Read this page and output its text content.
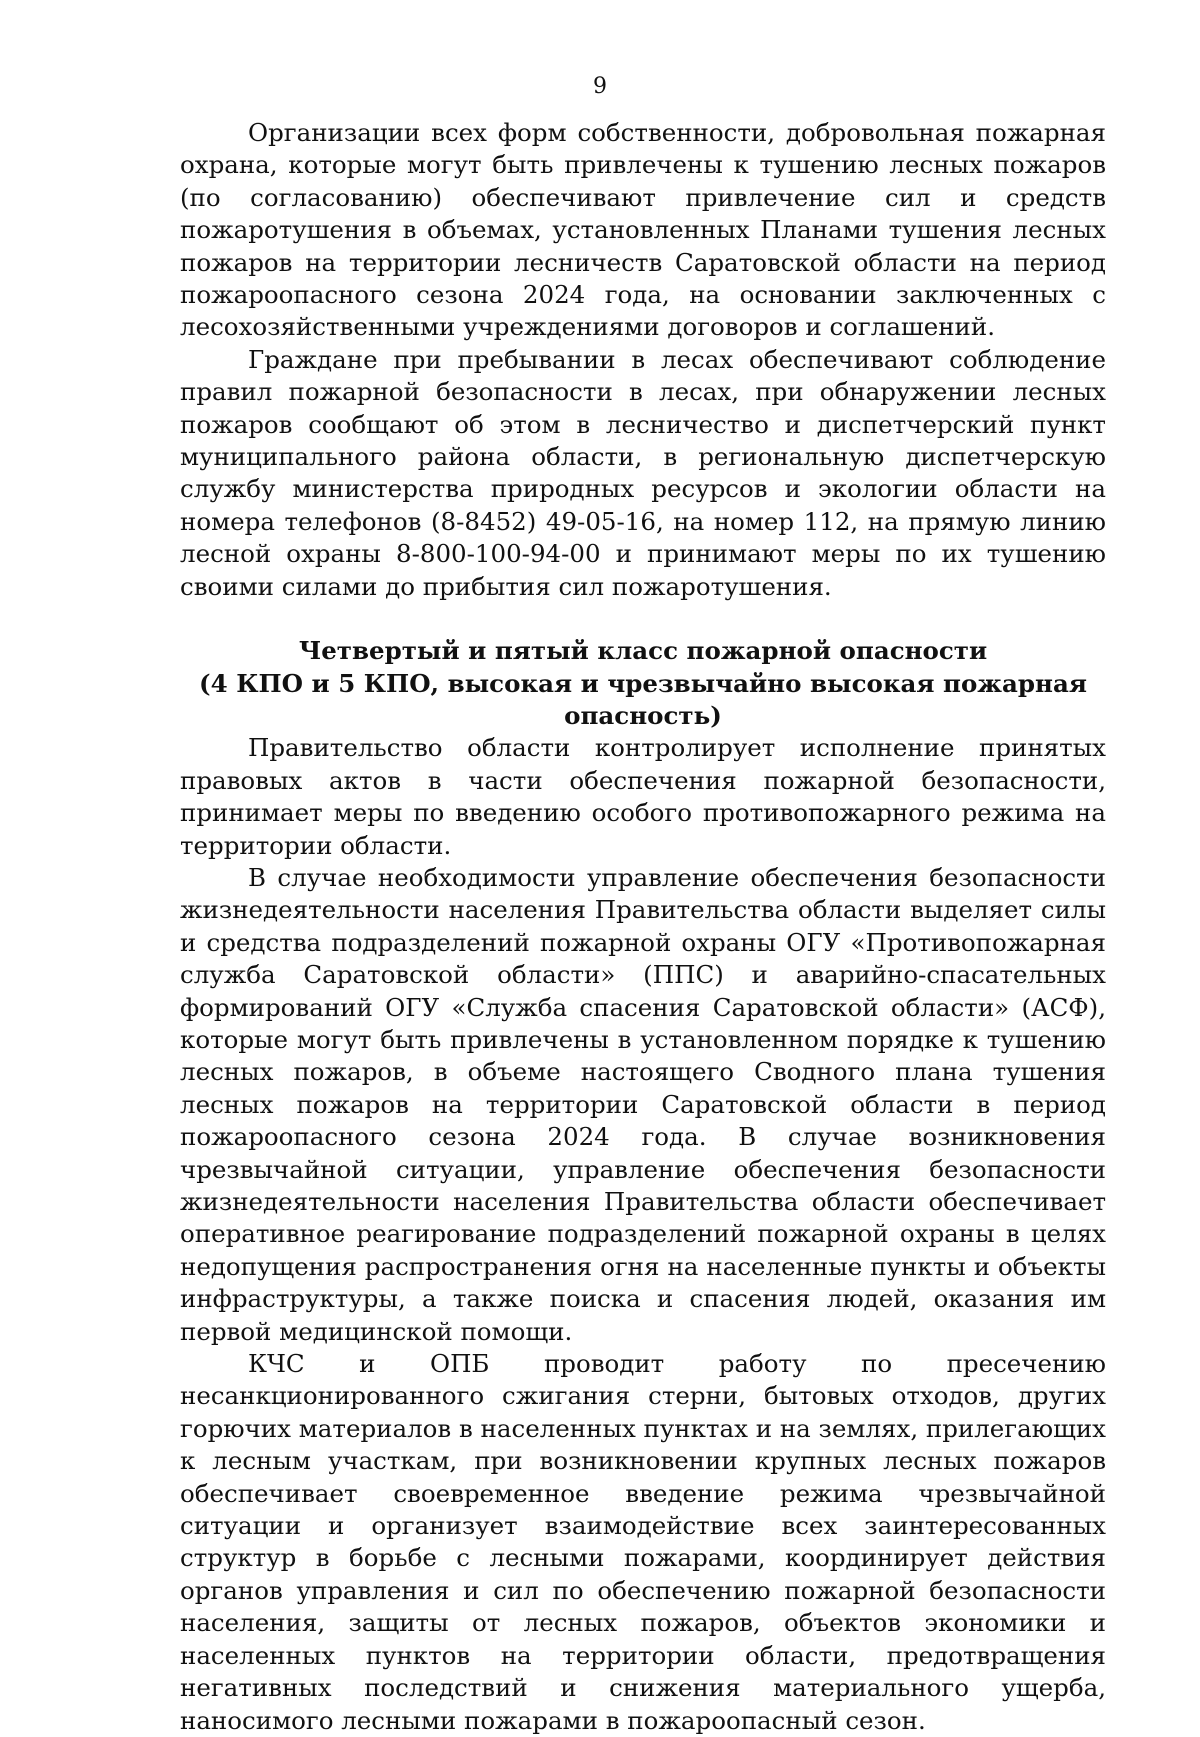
9

Организации всех форм собственности, добровольная пожарная охрана, которые могут быть привлечены к тушению лесных пожаров (по согласованию) обеспечивают привлечение сил и средств пожаротушения в объемах, установленных Планами тушения лесных пожаров на территории лесничеств Саратовской области на период пожароопасного сезона 2024 года, на основании заключенных с лесохозяйственными учреждениями договоров и соглашений.

Граждане при пребывании в лесах обеспечивают соблюдение правил пожарной безопасности в лесах, при обнаружении лесных пожаров сообщают об этом в лесничество и диспетчерский пункт муниципального района области, в региональную диспетчерскую службу министерства природных ресурсов и экологии области на номера телефонов (8-8452) 49-05-16, на номер 112, на прямую линию лесной охраны 8-800-100-94-00 и принимают меры по их тушению своими силами до прибытия сил пожаротушения.

Четвертый и пятый класс пожарной опасности
(4 КПО и 5 КПО, высокая и чрезвычайно высокая пожарная опасность)

Правительство области контролирует исполнение принятых правовых актов в части обеспечения пожарной безопасности, принимает меры по введению особого противопожарного режима на территории области.

В случае необходимости управление обеспечения безопасности жизнедеятельности населения Правительства области выделяет силы и средства подразделений пожарной охраны ОГУ «Противопожарная служба Саратовской области» (ППС) и аварийно-спасательных формирований ОГУ «Служба спасения Саратовской области» (АСФ), которые могут быть привлечены в установленном порядке к тушению лесных пожаров, в объеме настоящего Сводного плана тушения лесных пожаров на территории Саратовской области в период пожароопасного сезона 2024 года. В случае возникновения чрезвычайной ситуации, управление обеспечения безопасности жизнедеятельности населения Правительства области обеспечивает оперативное реагирование подразделений пожарной охраны в целях недопущения распространения огня на населенные пункты и объекты инфраструктуры, а также поиска и спасения людей, оказания им первой медицинской помощи.

КЧС и ОПБ проводит работу по пресечению несанкционированного сжигания стерни, бытовых отходов, других горючих материалов в населенных пунктах и на землях, прилегающих к лесным участкам, при возникновении крупных лесных пожаров обеспечивает своевременное введение режима чрезвычайной ситуации и организует взаимодействие всех заинтересованных структур в борьбе с лесными пожарами, координирует действия органов управления и сил по обеспечению пожарной безопасности населения, защиты от лесных пожаров, объектов экономики и населенных пунктов на территории области, предотвращения негативных последствий и снижения материального ущерба, наносимого лесными пожарами в пожароопасный сезон.
